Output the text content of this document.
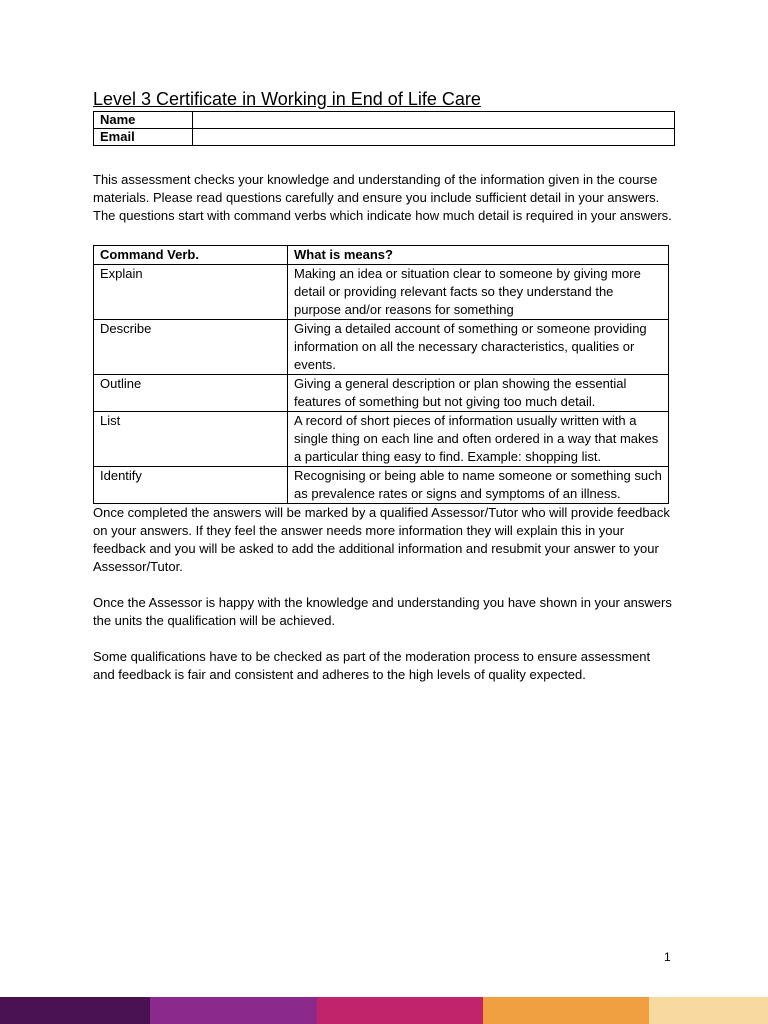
Level 3 Certificate in Working in End of Life Care
Name	
Email	

This assessment checks your knowledge and understanding of the information given in the course materials. Please read questions carefully and ensure you include sufficient detail in your answers.

The questions start with command verbs which indicate how much detail is required in your answers.

Command Verb.	What is means?
Explain	Making an idea or situation clear to someone by giving more detail or providing relevant facts so they understand the purpose and/or reasons for something
Describe	Giving a detailed account of something or someone providing information on all the necessary characteristics, qualities or events.
Outline	Giving a general description or plan showing the essential features of something but not giving too much detail.
List	A record of short pieces of information usually written with a single thing on each line and often ordered in a way that makes a particular thing easy to find. Example: shopping list.
Identify	Recognising or being able to name someone or something such as prevalence rates or signs and symptoms of an illness.

Once completed the answers will be marked by a qualified Assessor/Tutor who will provide feedback on your answers. If they feel the answer needs more information they will explain this in your feedback and you will be asked to add the additional information and resubmit your answer to your Assessor/Tutor.

Once the Assessor is happy with the knowledge and understanding you have shown in your answers the units the qualification will be achieved.

Some qualifications have to be checked as part of the moderation process to ensure assessment and feedback is fair and consistent and adheres to the high levels of quality expected.

1
